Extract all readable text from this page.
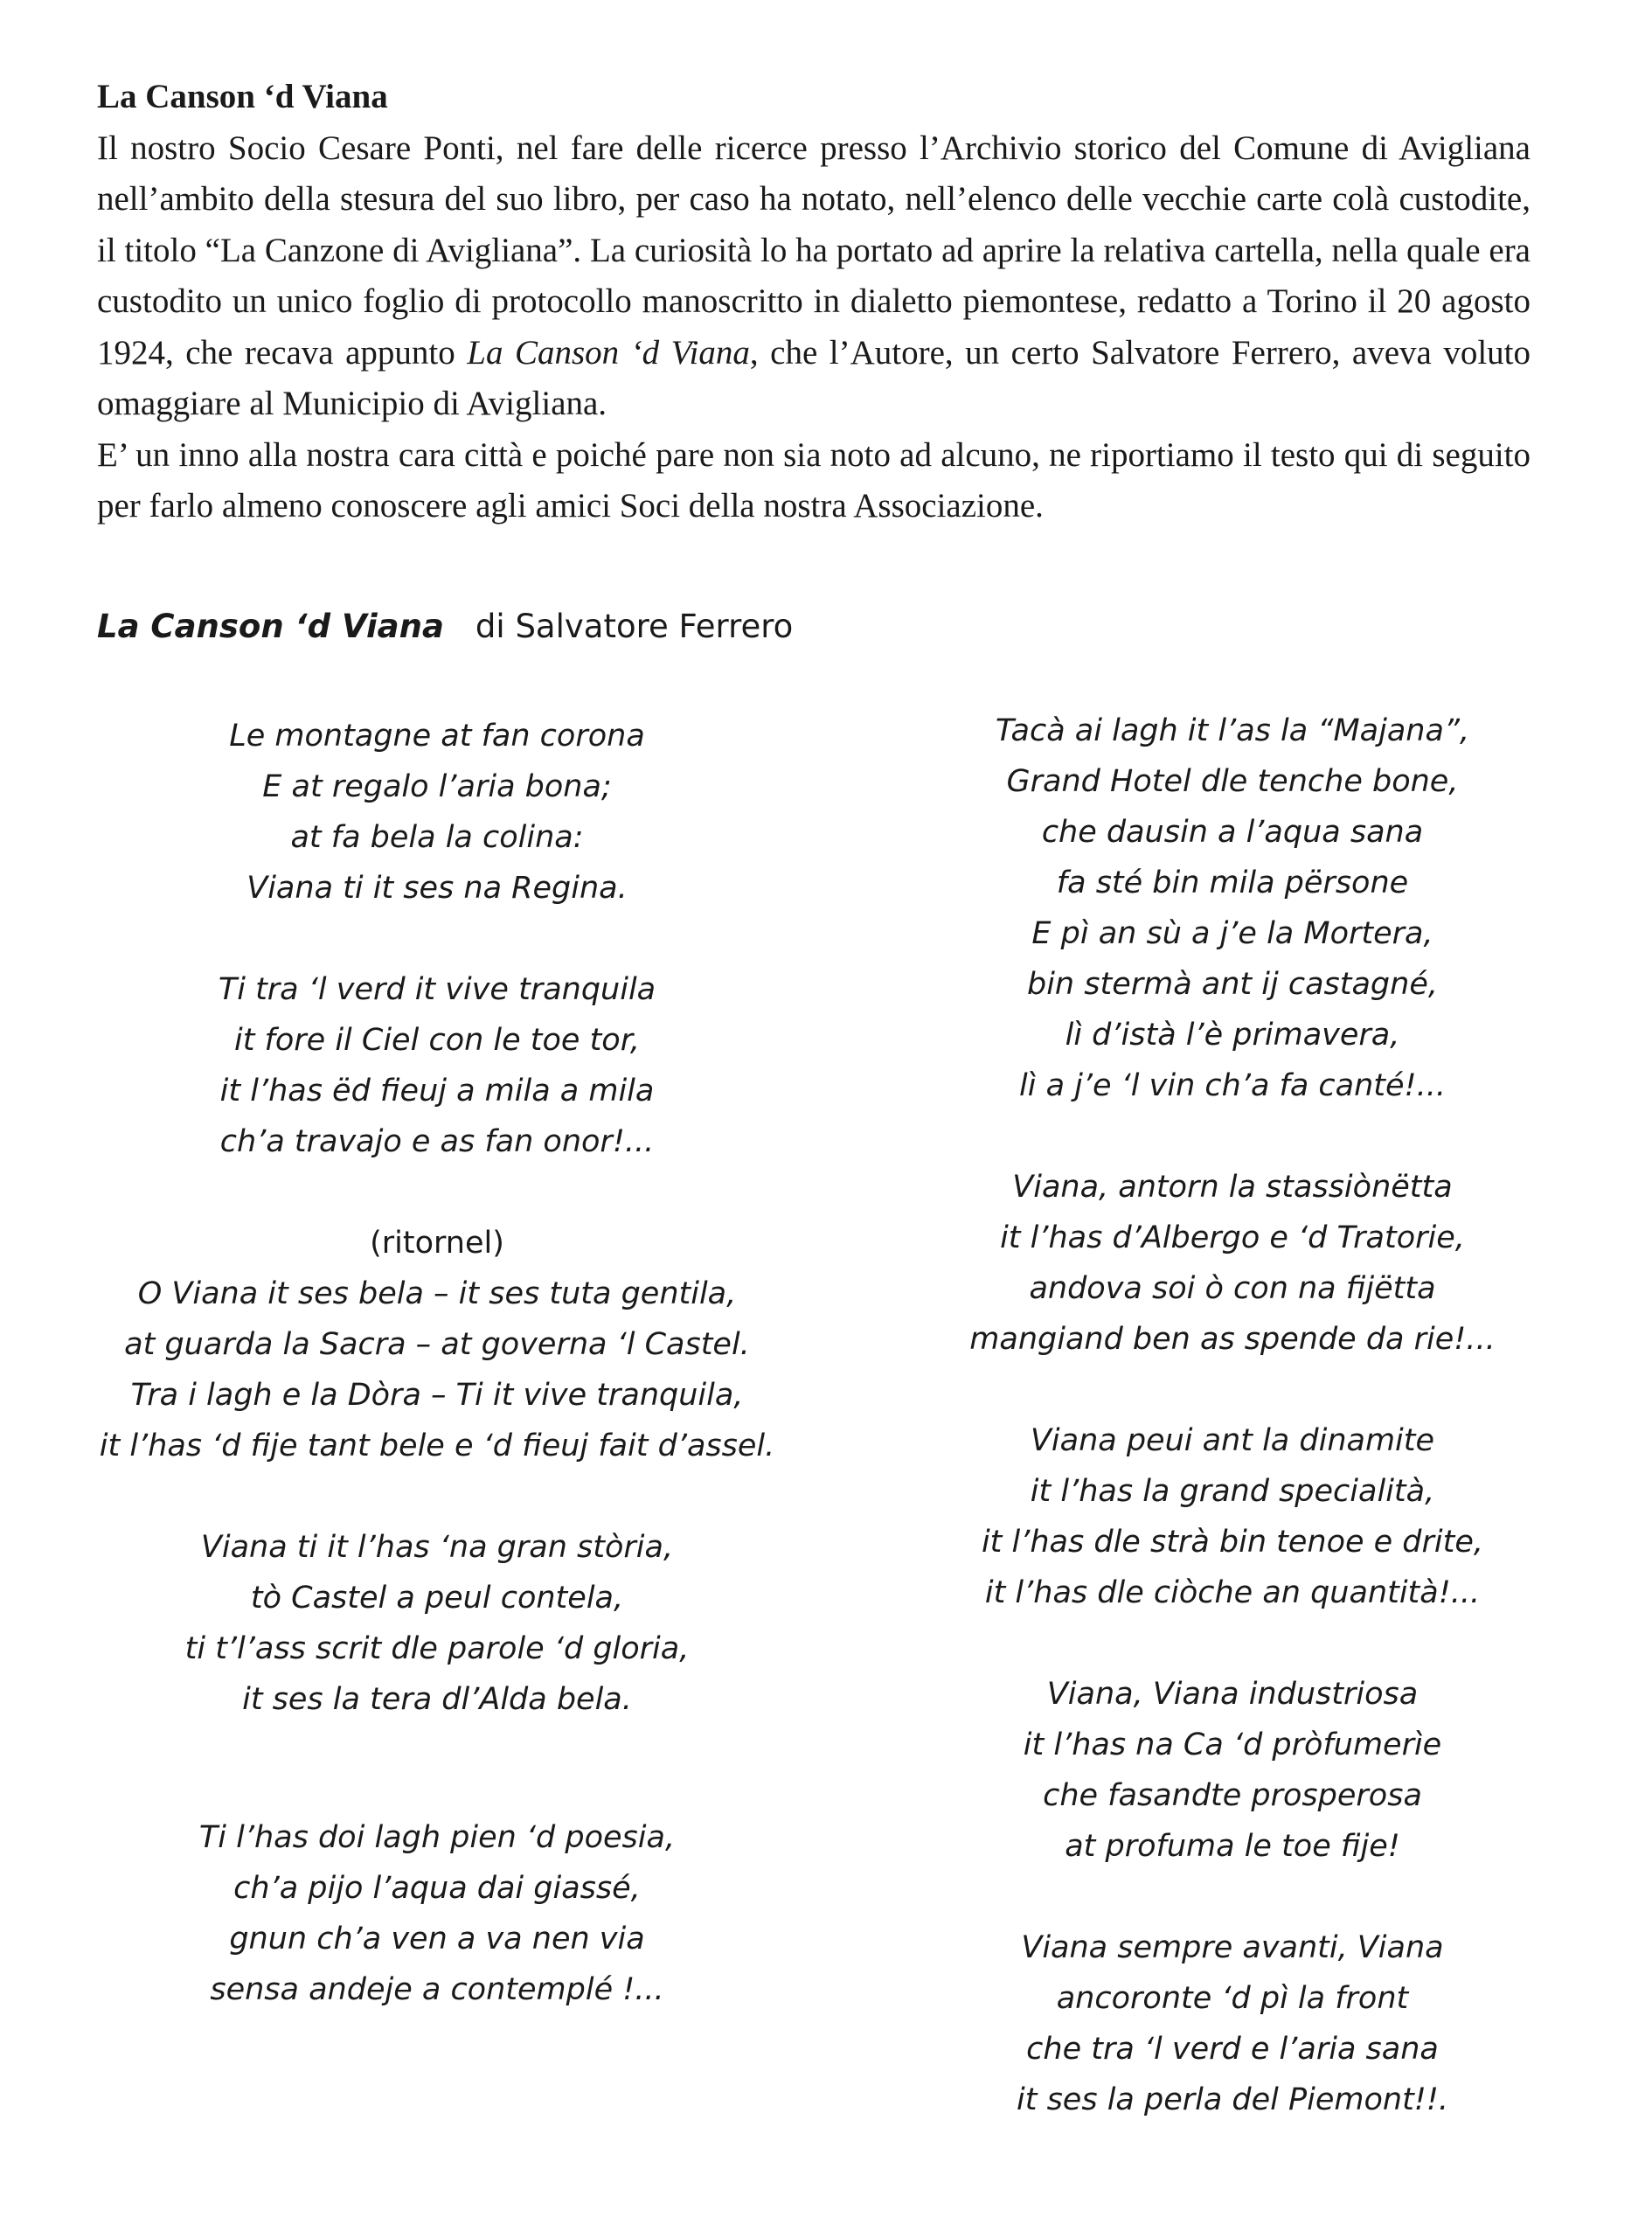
La Canson ‘d Viana

Il nostro Socio Cesare Ponti, nel fare delle ricerce presso l’Archivio storico del Comune di Avigliana nell’ambito della stesura del suo libro, per caso ha notato, nell’elenco delle vecchie carte colà custodite, il titolo “La Canzone di Avigliana”. La curiosità lo ha portato ad aprire la relativa cartella, nella quale era custodito un unico foglio di protocollo manoscritto in dialetto piemontese, redatto a Torino il 20 agosto 1924, che recava appunto La Canson ‘d Viana, che l’Autore, un certo Salvatore Ferrero, aveva voluto omaggiare al Municipio di Avigliana.

E’ un inno alla nostra cara città e poiché pare non sia noto ad alcuno, ne riportiamo il testo qui di seguito per farlo almeno conoscere agli amici Soci della nostra Associazione.

La Canson ‘d Viana di Salvatore Ferrero
Le montagne at fan corona
E at regalo l’aria bona;
at fa bela la colina:
Viana ti it ses na Regina.
Ti tra ‘l verd it vive tranquila
it fore il Ciel con le toe tor,
it l’has ëd fieuj a mila a mila
ch’a travajo e as fan onor!...
(ritornel)
O Viana it ses bela – it ses tuta gentila,
at guarda la Sacra – at governa ‘l Castel.
Tra i lagh e la Dòra – Ti it vive tranquila,
it l’has ‘d fije tant bele e ‘d fieuj fait d’assel.
Viana ti it l’has ‘na gran stòria,
tò Castel a peul contela,
ti t’l’ass scrit dle parole ‘d gloria,
it ses la tera dl’Alda bela.
Ti l’has doi lagh pien ‘d poesia,
ch’a pijo l’aqua dai giassé,
gnun ch’a ven a va nen via
sensa andeje a contemplé !...
Tacà ai lagh it l’as la “Majana”,
Grand Hotel dle tenche bone,
che dausin a l’aqua sana
fa sté bin mila përsone
E pì an sù a j’e la Mortera,
bin stermà ant ij castagné,
lì d’istà l’è primavera,
lì a j’e ‘l vin ch’a fa canté!...
Viana, antorn la stassiònëtta
it l’has d’Albergo e ‘d Tratorie,
andova soi ò con na fijëtta
mangiand ben as spende da rie!...
Viana peui ant la dinamite
it l’has la grand specialità,
it l’has dle strà bin tenoe e drite,
it l’has dle ciòche an quantità!...
Viana, Viana industriosa
it l’has na Ca ‘d pròfumerìe
che fasandte prosperosa
at profuma le toe fije!
Viana sempre avanti, Viana
ancoronte ‘d pì la front
che tra ‘l verd e l’aria sana
it ses la perla del Piemont!!.
